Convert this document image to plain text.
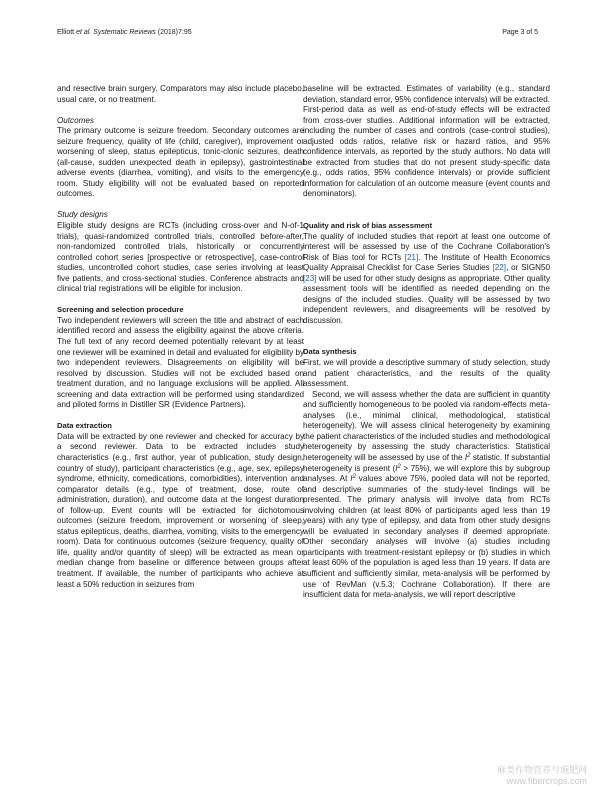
Elliott et al. Systematic Reviews (2018)7:95	Page 3 of 5

and resective brain surgery. Comparators may also include placebo, usual care, or no treatment.

Outcomes

The primary outcome is seizure freedom. Secondary outcomes are seizure frequency, quality of life (child, caregiver), improvement or worsening of sleep, status epilepticus, tonic-clonic seizures, death (all-cause, sudden unexpected death in epilepsy), gastrointestinal adverse events (diarrhea, vomiting), and visits to the emergency room. Study eligibility will not be evaluated based on reported outcomes.

Study designs

Eligible study designs are RCTs (including cross-over and N-of-1 trials), quasi-randomized controlled trials, controlled before-after, non-randomized controlled trials, historically or concurrently controlled cohort series [prospective or retrospective], case-control studies, uncontrolled cohort studies, case series involving at least five patients, and cross-sectional studies. Conference abstracts and clinical trial registrations will be eligible for inclusion.

Screening and selection procedure

Two independent reviewers will screen the title and abstract of each identified record and assess the eligibility against the above criteria. The full text of any record deemed potentially relevant by at least one reviewer will be examined in detail and evaluated for eligibility by two independent reviewers. Disagreements on eligibility will be resolved by discussion. Studies will not be excluded based on treatment duration, and no language exclusions will be applied. All screening and data extraction will be performed using standardized and piloted forms in Distiller SR (Evidence Partners).

Data extraction

Data will be extracted by one reviewer and checked for accuracy by a second reviewer. Data to be extracted includes study characteristics (e.g., first author, year of publication, study design, country of study), participant characteristics (e.g., age, sex, epilepsy syndrome, ethnicity, comedications, comorbidities), intervention and comparator details (e.g., type of treatment, dose, route of administration, duration), and outcome data at the longest duration of follow-up. Event counts will be extracted for dichotomous outcomes (seizure freedom, improvement or worsening of sleep, status epilepticus, deaths, diarrhea, vomiting, visits to the emergency room). Data for continuous outcomes (seizure frequency, quality of life, quality and/or quantity of sleep) will be extracted as mean or median change from baseline or difference between groups after treatment. If available, the number of participants who achieve at least a 50% reduction in seizures from

baseline will be extracted. Estimates of variability (e.g., standard deviation, standard error, 95% confidence intervals) will be extracted. First-period data as well as end-of-study effects will be extracted from cross-over studies. Additional information will be extracted, including the number of cases and controls (case-control studies), adjusted odds ratios, relative risk or hazard ratios, and 95% confidence intervals, as reported by the study authors. No data will be extracted from studies that do not present study-specific data (e.g., odds ratios, 95% confidence intervals) or provide sufficient information for calculation of an outcome measure (event counts and denominators).

Quality and risk of bias assessment

The quality of included studies that report at least one outcome of interest will be assessed by use of the Cochrane Collaboration's Risk of Bias tool for RCTs [21]. The Institute of Health Economics Quality Appraisal Checklist for Case Series Studies [22], or SIGN50 [23] will be used for other study designs as appropriate. Other quality assessment tools will be identified as needed depending on the designs of the included studies. Quality will be assessed by two independent reviewers, and disagreements will be resolved by discussion.

Data synthesis

First, we will provide a descriptive summary of study selection, study and patient characteristics, and the results of the quality assessment.

Second, we will assess whether the data are sufficient in quantity and sufficiently homogeneous to be pooled via random-effects meta-analyses (i.e., minimal clinical, methodological, statistical heterogeneity). We will assess clinical heterogeneity by examining the patient characteristics of the included studies and methodological heterogeneity by assessing the study characteristics. Statistical heterogeneity will be assessed by use of the $I^2$ statistic. If substantial heterogeneity is present $(I^2 > 75\%)$, we will explore this by subgroup analyses. At $I^2$ values above 75%, pooled data will not be reported, and descriptive summaries of the study-level findings will be presented. The primary analysis will involve data from RCTs involving children (at least 80% of participants aged less than 19 years) with any type of epilepsy, and data from other study designs will be evaluated in secondary analyses if deemed appropriate. Other secondary analyses will involve (a) studies including participants with treatment-resistant epilepsy or (b) studies in which at least 60% of the population is aged less than 19 years. If data are sufficient and sufficiently similar, meta-analysis will be performed by use of RevMan (v.5.3; Cochrane Collaboration). If there are insufficient data for meta-analysis, we will report descriptive

麻类作物营养与施肥网
www.fibercrops.com
